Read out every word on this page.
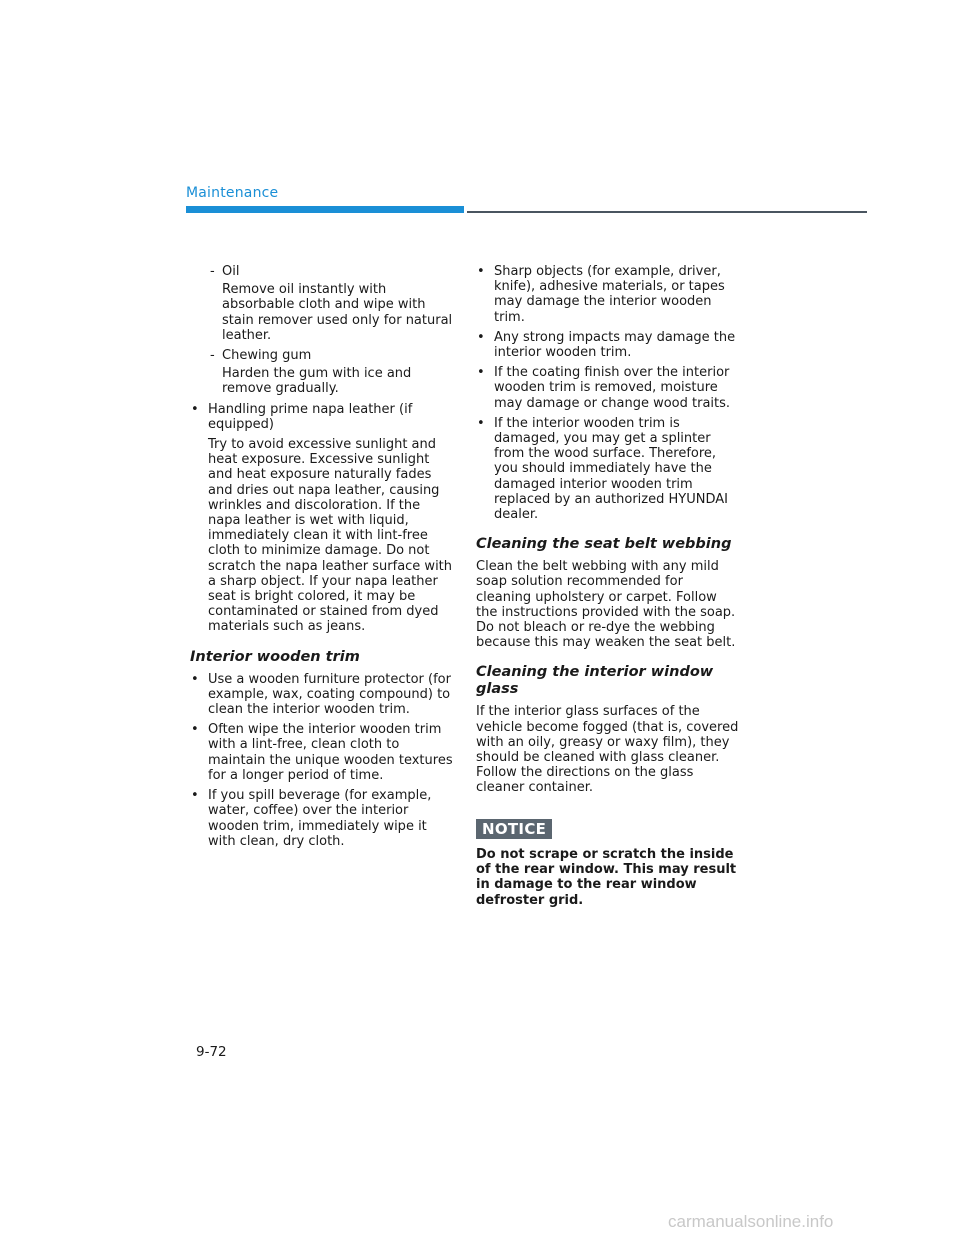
Maintenance
- Oil

Remove oil instantly with absorbable cloth and wipe with stain remover used only for natural leather.

- Chewing gum

Harden the gum with ice and remove gradually.

• Handling prime napa leather (if equipped)

Try to avoid excessive sunlight and heat exposure. Excessive sunlight and heat exposure naturally fades and dries out napa leather, causing wrinkles and discoloration. If the napa leather is wet with liquid, immediately clean it with lint-free cloth to minimize damage. Do not scratch the napa leather surface with a sharp object. If your napa leather seat is bright colored, it may be contaminated or stained from dyed materials such as jeans.

Interior wooden trim
• Use a wooden furniture protector (for example, wax, coating compound) to clean the interior wooden trim.
• Often wipe the interior wooden trim with a lint-free, clean cloth to maintain the unique wooden textures for a longer period of time.
• If you spill beverage (for example, water, coffee) over the interior wooden trim, immediately wipe it with clean, dry cloth.
• Sharp objects (for example, driver, knife), adhesive materials, or tapes may damage the interior wooden trim.
• Any strong impacts may damage the interior wooden trim.
• If the coating finish over the interior wooden trim is removed, moisture may damage or change wood traits.
• If the interior wooden trim is damaged, you may get a splinter from the wood surface. Therefore, you should immediately have the damaged interior wooden trim replaced by an authorized HYUNDAI dealer.
Cleaning the seat belt webbing

Clean the belt webbing with any mild soap solution recommended for cleaning upholstery or carpet. Follow the instructions provided with the soap. Do not bleach or re-dye the webbing because this may weaken the seat belt.

Cleaning the interior window glass

If the interior glass surfaces of the vehicle become fogged (that is, covered with an oily, greasy or waxy film), they should be cleaned with glass cleaner. Follow the directions on the glass cleaner container.

NOTICE

Do not scrape or scratch the inside of the rear window. This may result in damage to the rear window defroster grid.

9-72
carmanualsonline.info
